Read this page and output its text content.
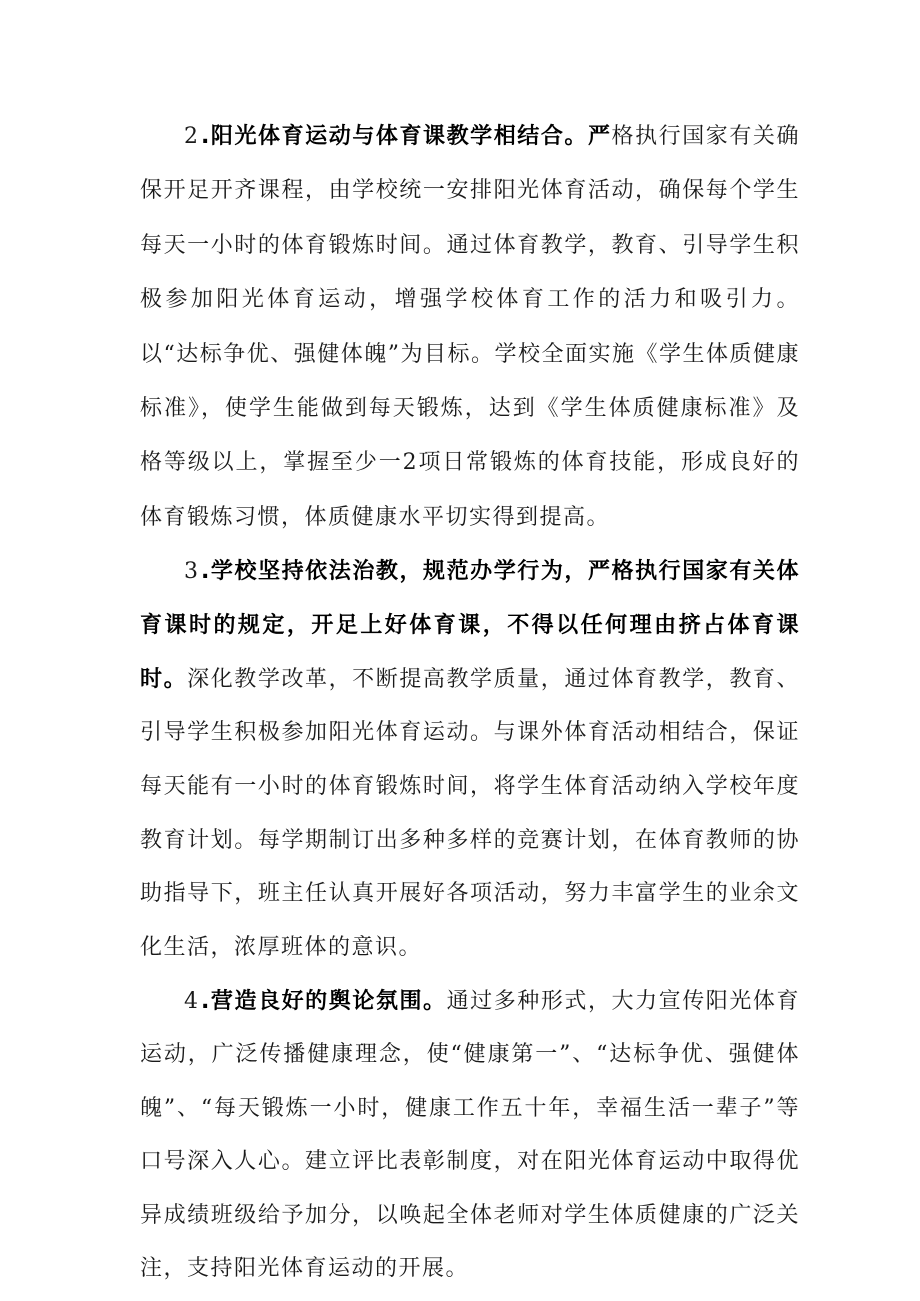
2.阳光体育运动与体育课教学相结合。严格执行国家有关确保开足开齐课程，由学校统一安排阳光体育活动，确保每个学生每天一小时的体育锻炼时间。通过体育教学，教育、引导学生积极参加阳光体育运动，增强学校体育工作的活力和吸引力。以“达标争优、强健体魄”为目标。学校全面实施《学生体质健康标准》，使学生能做到每天锻炼，达到《学生体质健康标准》及格等级以上，掌握至少一2项日常锻炼的体育技能，形成良好的体育锻炼习惯，体质健康水平切实得到提高。

3.学校坚持依法治教，规范办学行为，严格执行国家有关体育课时的规定，开足上好体育课，不得以任何理由挤占体育课时。深化教学改革，不断提高教学质量，通过体育教学，教育、引导学生积极参加阳光体育运动。与课外体育活动相结合，保证每天能有一小时的体育锻炼时间，将学生体育活动纳入学校年度教育计划。每学期制订出多种多样的竞赛计划，在体育教师的协助指导下，班主任认真开展好各项活动，努力丰富学生的业余文化生活，浓厚班体的意识。

4.营造良好的舆论氛围。通过多种形式，大力宣传阳光体育运动，广泛传播健康理念，使“健康第一”、“达标争优、强健体魄”、“每天锻炼一小时，健康工作五十年，幸福生活一辈子”等口号深入人心。建立评比表彰制度，对在阳光体育运动中取得优异成绩班级给予加分，以唤起全体老师对学生体质健康的广泛关注，支持阳光体育运动的开展。
